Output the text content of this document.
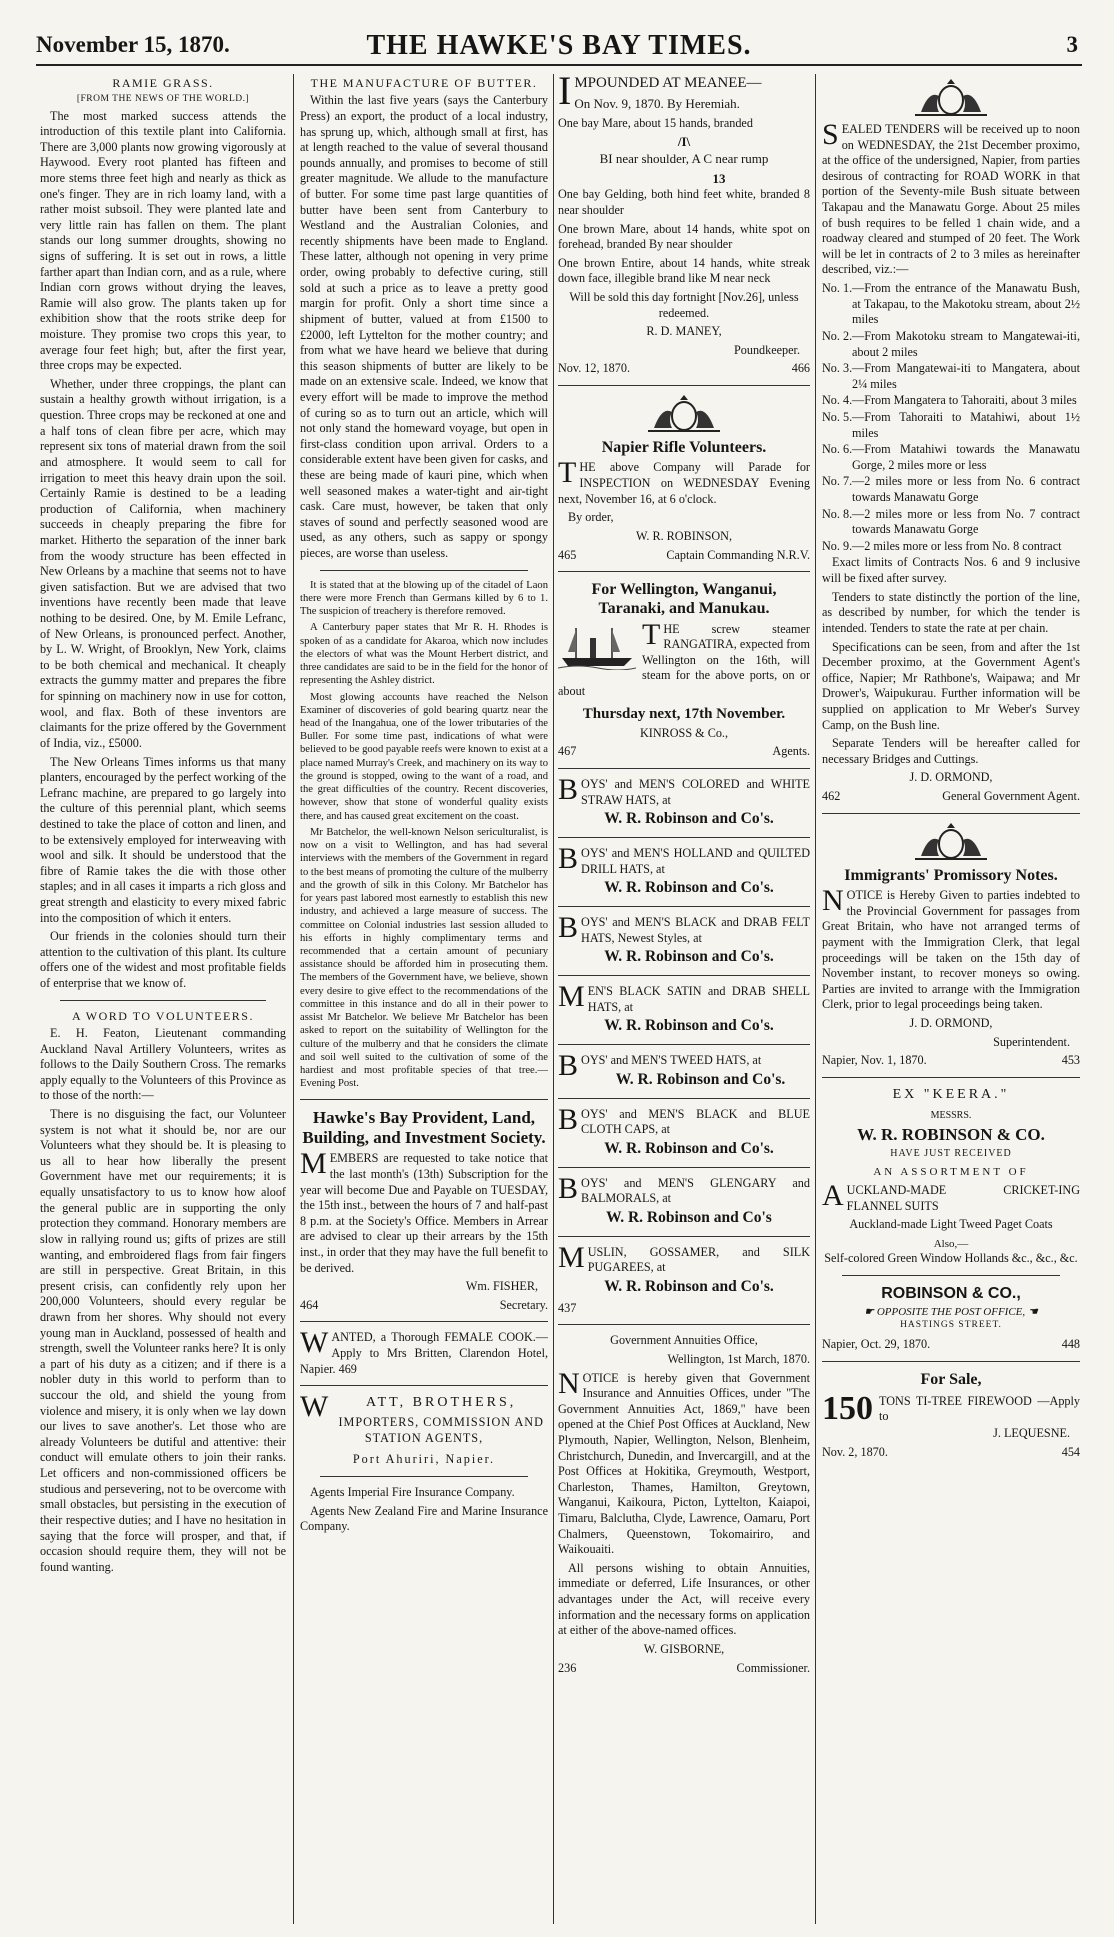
November 15, 1870.	THE HAWKE'S BAY TIMES.	3
RAMIE GRASS.
[FROM THE NEWS OF THE WORLD.]

The most marked success attends the introduction of this textile plant into California. There are 3,000 plants now growing vigorously at Haywood. Every root planted has fifteen and more stems three feet high and nearly as thick as one's finger. They are in rich loamy land, with a rather moist subsoil. They were planted late and very little rain has fallen on them. The plant stands our long summer droughts, showing no signs of suffering. It is set out in rows, a little farther apart than Indian corn, and as a rule, where Indian corn grows without drying the leaves, Ramie will also grow. The plants taken up for exhibition show that the roots strike deep for moisture. They promise two crops this year, to average four feet high; but, after the first year, three crops may be expected.

Whether, under three croppings, the plant can sustain a healthy growth without irrigation, is a question. Three crops may be reckoned at one and a half tons of clean fibre per acre, which may represent six tons of material drawn from the soil and atmosphere. It would seem to call for irrigation to meet this heavy drain upon the soil. Certainly Ramie is destined to be a leading production of California, when machinery succeeds in cheaply preparing the fibre for market. Hitherto the separation of the inner bark from the woody structure has been effected in New Orleans by a machine that seems not to have given satisfaction. But we are advised that two inventions have recently been made that leave nothing to be desired. One, by M. Emile Lefranc, of New Orleans, is pronounced perfect. Another, by L. W. Wright, of Brooklyn, New York, claims to be both chemical and mechanical. It cheaply extracts the gummy matter and prepares the fibre for spinning on machinery now in use for cotton, wool, and flax. Both of these inventors are claimants for the prize offered by the Government of India, viz., £5000.

The New Orleans Times informs us that many planters, encouraged by the perfect working of the Lefranc machine, are prepared to go largely into the culture of this perennial plant, which seems destined to take the place of cotton and linen, and to be extensively employed for interweaving with wool and silk. It should be understood that the fibre of Ramie takes the die with those other staples; and in all cases it imparts a rich gloss and great strength and elasticity to every mixed fabric into the composition of which it enters.

Our friends in the colonies should turn their attention to the cultivation of this plant. Its culture offers one of the widest and most profitable fields of enterprise that we know of.

A WORD TO VOLUNTEERS.

E. H. Featon, Lieutenant commanding Auckland Naval Artillery Volunteers, writes as follows to the Daily Southern Cross. The remarks apply equally to the Volunteers of this Province as to those of the north:—

There is no disguising the fact, our Volunteer system is not what it should be, nor are our Volunteers what they should be. It is pleasing to us all to hear how liberally the present Government have met our requirements; it is equally unsatisfactory to us to know how aloof the general public are in supporting the only protection they command. Honorary members are slow in rallying round us; gifts of prizes are still wanting, and embroidered flags from fair fingers are still in perspective. Great Britain, in this present crisis, can confidently rely upon her 200,000 Volunteers, should every regular be drawn from her shores. Why should not every young man in Auckland, possessed of health and strength, swell the Volunteer ranks here? It is only a part of his duty as a citizen; and if there is a nobler duty in this world to perform than to succour the old, and shield the young from violence and misery, it is only when we lay down our lives to save another's. Let those who are already Volunteers be dutiful and attentive: their conduct will emulate others to join their ranks. Let officers and non-commissioned officers be studious and persevering, not to be overcome with small obstacles, but persisting in the execution of their respective duties; and I have no hesitation in saying that the force will prosper, and that, if occasion should require them, they will not be found wanting.

THE MANUFACTURE OF BUTTER.

Within the last five years (says the Canterbury Press) an export, the product of a local industry, has sprung up, which, although small at first, has at length reached to the value of several thousand pounds annually, and promises to become of still greater magnitude. We allude to the manufacture of butter. For some time past large quantities of butter have been sent from Canterbury to Westland and the Australian Colonies, and recently shipments have been made to England. These latter, although not opening in very prime order, owing probably to defective curing, still sold at such a price as to leave a pretty good margin for profit. Only a short time since a shipment of butter, valued at from £1500 to £2000, left Lyttelton for the mother country; and from what we have heard we believe that during this season shipments of butter are likely to be made on an extensive scale. Indeed, we know that every effort will be made to improve the method of curing so as to turn out an article, which will not only stand the homeward voyage, but open in first-class condition upon arrival. Orders to a considerable extent have been given for casks, and these are being made of kauri pine, which when well seasoned makes a water-tight and air-tight cask. Care must, however, be taken that only staves of sound and perfectly seasoned wood are used, as any others, such as sappy or spongy pieces, are worse than useless.

It is stated that at the blowing up of the citadel of Laon there were more French than Germans killed by 6 to 1. The suspicion of treachery is therefore removed.

A Canterbury paper states that Mr R. H. Rhodes is spoken of as a candidate for Akaroa, which now includes the electors of what was the Mount Herbert district, and three candidates are said to be in the field for the honor of representing the Ashley district.

Most glowing accounts have reached the Nelson Examiner of discoveries of gold bearing quartz near the head of the Inangahua, one of the lower tributaries of the Buller. For some time past, indications of what were believed to be good payable reefs were known to exist at a place named Murray's Creek, and machinery on its way to the ground is stopped, owing to the want of a road, and the great difficulties of the country. Recent discoveries, however, show that stone of wonderful quality exists there, and has caused great excitement on the coast.

Mr Batchelor, the well-known Nelson sericulturalist, is now on a visit to Wellington, and has had several interviews with the members of the Government in regard to the best means of promoting the culture of the mulberry and the growth of silk in this Colony. Mr Batchelor has for years past labored most earnestly to establish this new industry, and achieved a large measure of success. The committee on Colonial industries last session alluded to his efforts in highly complimentary terms and recommended that a certain amount of pecuniary assistance should be afforded him in prosecuting them. The members of the Government have, we believe, shown every desire to give effect to the recommendations of the committee in this instance and do all in their power to assist Mr Batchelor. We believe Mr Batchelor has been asked to report on the suitability of Wellington for the culture of the mulberry and that he considers the climate and soil well suited to the cultivation of some of the hardiest and most profitable species of that tree.—Evening Post.

Hawke's Bay Provident, Land, Building, and Investment Society.

MEMBERS are requested to take notice that the last month's (13th) Subscription for the year will become Due and Payable on TUESDAY, the 15th inst., between the hours of 7 and half-past 8 p.m. at the Society's Office. Members in Arrear are advised to clear up their arrears by the 15th inst., in order that they may have the full benefit to be derived.

Wm. FISHER,

464	Secretary.

WANTED, a Thorough FEMALE COOK.—Apply to Mrs Britten, Clarendon Hotel, Napier. 469

W ATT, BROTHERS,

IMPORTERS, COMMISSION AND STATION AGENTS,

Port Ahuriri, Napier.

Agents Imperial Fire Insurance Company.

Agents New Zealand Fire and Marine Insurance Company.

IMPOUNDED AT MEANEE—

On Nov. 9, 1870. By Heremiah.

One bay Mare, about 15 hands, branded

/I\

BI near shoulder, A C near rump

13

One bay Gelding, both hind feet white, branded 8 near shoulder

One brown Mare, about 14 hands, white spot on forehead, branded By near shoulder

One brown Entire, about 14 hands, white streak down face, illegible brand like M near neck

Will be sold this day fortnight [Nov.26], unless redeemed.

R. D. MANEY,

Poundkeeper.

Nov. 12, 1870.	466
Napier Rifle Volunteers.

THE above Company will Parade for INSPECTION on WEDNESDAY Evening next, November 16, at 6 o'clock.

By order,

W. R. ROBINSON,

465	Captain Commanding N.R.V.
For Wellington, Wanganui, Taranaki, and Manukau.

THE screw steamer RANGATIRA, expected from Wellington on the 16th, will steam for the above ports, on or about

Thursday next, 17th November.

KINROSS & Co.,

467	Agents.

BOYS' and MEN'S COLORED and WHITE STRAW HATS, at

W. R. Robinson and Co's.

BOYS' and MEN'S HOLLAND and QUILTED DRILL HATS, at

W. R. Robinson and Co's.

BOYS' and MEN'S BLACK and DRAB FELT HATS, Newest Styles, at

W. R. Robinson and Co's.

MEN'S BLACK SATIN and DRAB SHELL HATS, at

W. R. Robinson and Co's.

BOYS' and MEN'S TWEED HATS, at

W. R. Robinson and Co's.

BOYS' and MEN'S BLACK and BLUE CLOTH CAPS, at

W. R. Robinson and Co's.

BOYS' and MEN'S GLENGARY and BALMORALS, at

W. R. Robinson and Co's

MUSLIN, GOSSAMER, and SILK PUGAREES, at

W. R. Robinson and Co's.

437

Government Annuities Office,

Wellington, 1st March, 1870.

NOTICE is hereby given that Government Insurance and Annuities Offices, under "The Government Annuities Act, 1869," have been opened at the Chief Post Offices at Auckland, New Plymouth, Napier, Wellington, Nelson, Blenheim, Christchurch, Dunedin, and Invercargill, and at the Post Offices at Hokitika, Greymouth, Westport, Charleston, Thames, Hamilton, Greytown, Wanganui, Kaikoura, Picton, Lyttelton, Kaiapoi, Timaru, Balclutha, Clyde, Lawrence, Oamaru, Port Chalmers, Queenstown, Tokomairiro, and Waikouaiti.

All persons wishing to obtain Annuities, immediate or deferred, Life Insurances, or other advantages under the Act, will receive every information and the necessary forms on application at either of the above-named offices.

W. GISBORNE,

236	Commissioner.

SEALED TENDERS will be received up to noon on WEDNESDAY, the 21st December proximo, at the office of the undersigned, Napier, from parties desirous of contracting for ROAD WORK in that portion of the Seventy-mile Bush situate between Takapau and the Manawatu Gorge. About 25 miles of bush requires to be felled 1 chain wide, and a roadway cleared and stumped of 20 feet. The Work will be let in contracts of 2 to 3 miles as hereinafter described, viz.:—

No. 1. —From the entrance of the Manawatu Bush, at Takapau, to the Makotoku stream, about 2½ miles

No. 2. —From Makotoku stream to Mangatewai-iti, about 2 miles

No. 3. —From Mangatewai-iti to Mangatera, about 2¼ miles

No. 4. —From Mangatera to Tahoraiti, about 3 miles

No. 5. —From Tahoraiti to Matahiwi, about 1½ miles

No. 6. —From Matahiwi towards the Manawatu Gorge, 2 miles more or less

No. 7. —2 miles more or less from No. 6 contract towards Manawatu Gorge

No. 8. —2 miles more or less from No. 7 contract towards Manawatu Gorge

No. 9. —2 miles more or less from No. 8 contract

Exact limits of Contracts Nos. 6 and 9 inclusive will be fixed after survey.

Tenders to state distinctly the portion of the line, as described by number, for which the tender is intended. Tenders to state the rate at per chain.

Specifications can be seen, from and after the 1st December proximo, at the Government Agent's office, Napier; Mr Rathbone's, Waipawa; and Mr Drower's, Waipukurau. Further information will be supplied on application to Mr Weber's Survey Camp, on the Bush line.

Separate Tenders will be hereafter called for necessary Bridges and Cuttings.

J. D. ORMOND,

462	General Government Agent.
Immigrants' Promissory Notes.

NOTICE is Hereby Given to parties indebted to the Provincial Government for passages from Great Britain, who have not arranged terms of payment with the Immigration Clerk, that legal proceedings will be taken on the 15th day of November instant, to recover moneys so owing. Parties are invited to arrange with the Immigration Clerk, prior to legal proceedings being taken.

J. D. ORMOND,

Superintendent.

Napier, Nov. 1, 1870.	453
EX "KEERA."
MESSRS.
W. R. ROBINSON & CO.
HAVE JUST RECEIVED
AN ASSORTMENT OF

AUCKLAND-MADE CRICKET-ING FLANNEL SUITS

Auckland-made Light Tweed Paget Coats
Also,—
Self-colored Green Window Hollands &c., &c., &c.
ROBINSON & CO.,
☛ OPPOSITE THE POST OFFICE, ☚
HASTINGS STREET.
Napier, Oct. 29, 1870.	448
For Sale,
150 TONS TI-TREE FIREWOOD —Apply to

J. LEQUESNE.

Nov. 2, 1870.	454
